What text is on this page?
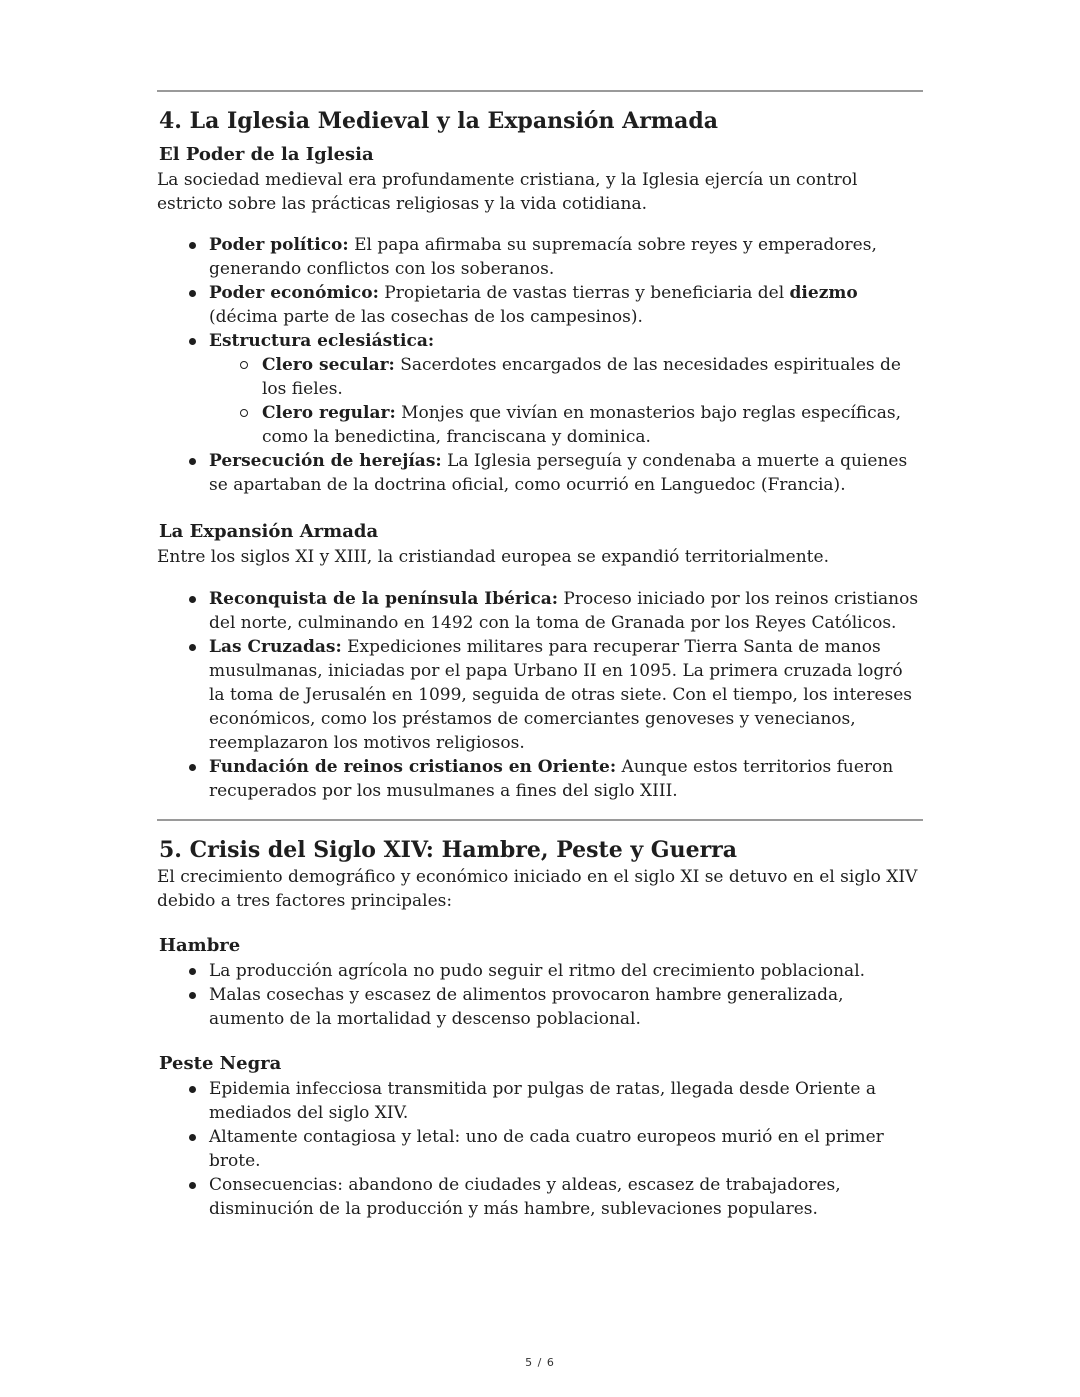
4. La Iglesia Medieval y la Expansión Armada
El Poder de la Iglesia

La sociedad medieval era profundamente cristiana, y la Iglesia ejercía un control estricto sobre las prácticas religiosas y la vida cotidiana.

Poder político: El papa afirmaba su supremacía sobre reyes y emperadores, generando conflictos con los soberanos.
Poder económico: Propietaria de vastas tierras y beneficiaria del diezmo (décima parte de las cosechas de los campesinos).
Estructura eclesiástica:
Clero secular: Sacerdotes encargados de las necesidades espirituales de los fieles.
Clero regular: Monjes que vivían en monasterios bajo reglas específicas, como la benedictina, franciscana y dominica.
Persecución de herejías: La Iglesia perseguía y condenaba a muerte a quienes se apartaban de la doctrina oficial, como ocurrió en Languedoc (Francia).
La Expansión Armada

Entre los siglos XI y XIII, la cristiandad europea se expandió territorialmente.

Reconquista de la península Ibérica: Proceso iniciado por los reinos cristianos del norte, culminando en 1492 con la toma de Granada por los Reyes Católicos.
Las Cruzadas: Expediciones militares para recuperar Tierra Santa de manos musulmanas, iniciadas por el papa Urbano II en 1095. La primera cruzada logró la toma de Jerusalén en 1099, seguida de otras siete. Con el tiempo, los intereses económicos, como los préstamos de comerciantes genoveses y venecianos, reemplazaron los motivos religiosos.
Fundación de reinos cristianos en Oriente: Aunque estos territorios fueron recuperados por los musulmanes a fines del siglo XIII.
5. Crisis del Siglo XIV: Hambre, Peste y Guerra

El crecimiento demográfico y económico iniciado en el siglo XI se detuvo en el siglo XIV debido a tres factores principales:

Hambre
La producción agrícola no pudo seguir el ritmo del crecimiento poblacional.
Malas cosechas y escasez de alimentos provocaron hambre generalizada, aumento de la mortalidad y descenso poblacional.
Peste Negra
Epidemia infecciosa transmitida por pulgas de ratas, llegada desde Oriente a mediados del siglo XIV.
Altamente contagiosa y letal: uno de cada cuatro europeos murió en el primer brote.
Consecuencias: abandono de ciudades y aldeas, escasez de trabajadores, disminución de la producción y más hambre, sublevaciones populares.
5 / 6
